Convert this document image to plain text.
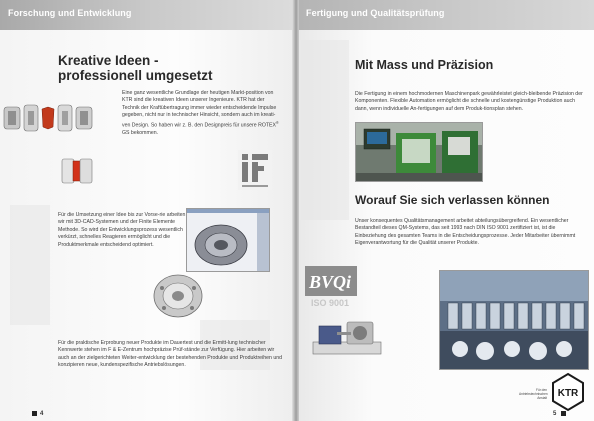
Forschung und Entwicklung
Kreative Ideen -
professionell umgesetzt
Eine ganz wesentliche Grundlage der heutigen Markt-position von KTR sind die kreativen Ideen unserer Ingenieure. KTR hat der Technik der Kraftübertragung immer wieder entscheidende Impulse gegeben, nicht nur in technischer Hinsicht, sondern auch im kreati-ven Design. So haben wir z. B. den Designpreis für unsere ROTEX® GS bekommen.
Für die Umsetzung einer Idee bis zur Vorse-rie arbeiten wir mit 3D-CAD-Systemen und der Finite Elemente Methode. So wird der Entwicklungsprozess wesentlich verkürzt, schnelles Reagieren ermöglicht und die Produktmerkmale entscheidend optimiert.
Für die praktische Erprobung neuer Produkte im Dauertest und die Ermitt-lung technischer Kennwerte stehen im F & E-Zentrum hochpräzise Prüf-stände zur Verfügung. Hier arbeiten wir auch an der zielgerichteten Weiter-entwicklung der bestehenden Produkte und Produktreihen und konzipieren neue, kundenspezifische Antriebslösungen.
4
Fertigung und Qualitätsprüfung
Mit Mass und Präzision
Die Fertigung in einem hochmodernen Maschinenpark gewährleistet gleich-bleibende Präzision der Komponenten. Flexible Automation ermöglicht die schnelle und kostengünstige Produktion auch dann, wenn individuelle An-fertigungen auf dem Produk-tionsplan stehen.
Worauf Sie sich verlassen können
Unser konsequentes Qualitätsmanagement arbeitet abteilungsübergreifend. Ein wesentlicher Bestandteil dieses QM-Systems, das seit 1993 nach DIN ISO 9001 zertifiziert ist, ist die Einbeziehung des gesamten Teams in die Entscheidungsprozesse. Jeder Mitarbeiter übernimmt Eigenverantwortung für die Qualität unserer Produkte.
BVQi
ISO 9001
Für den Antriebstechnischen Anstalt KTR
5
